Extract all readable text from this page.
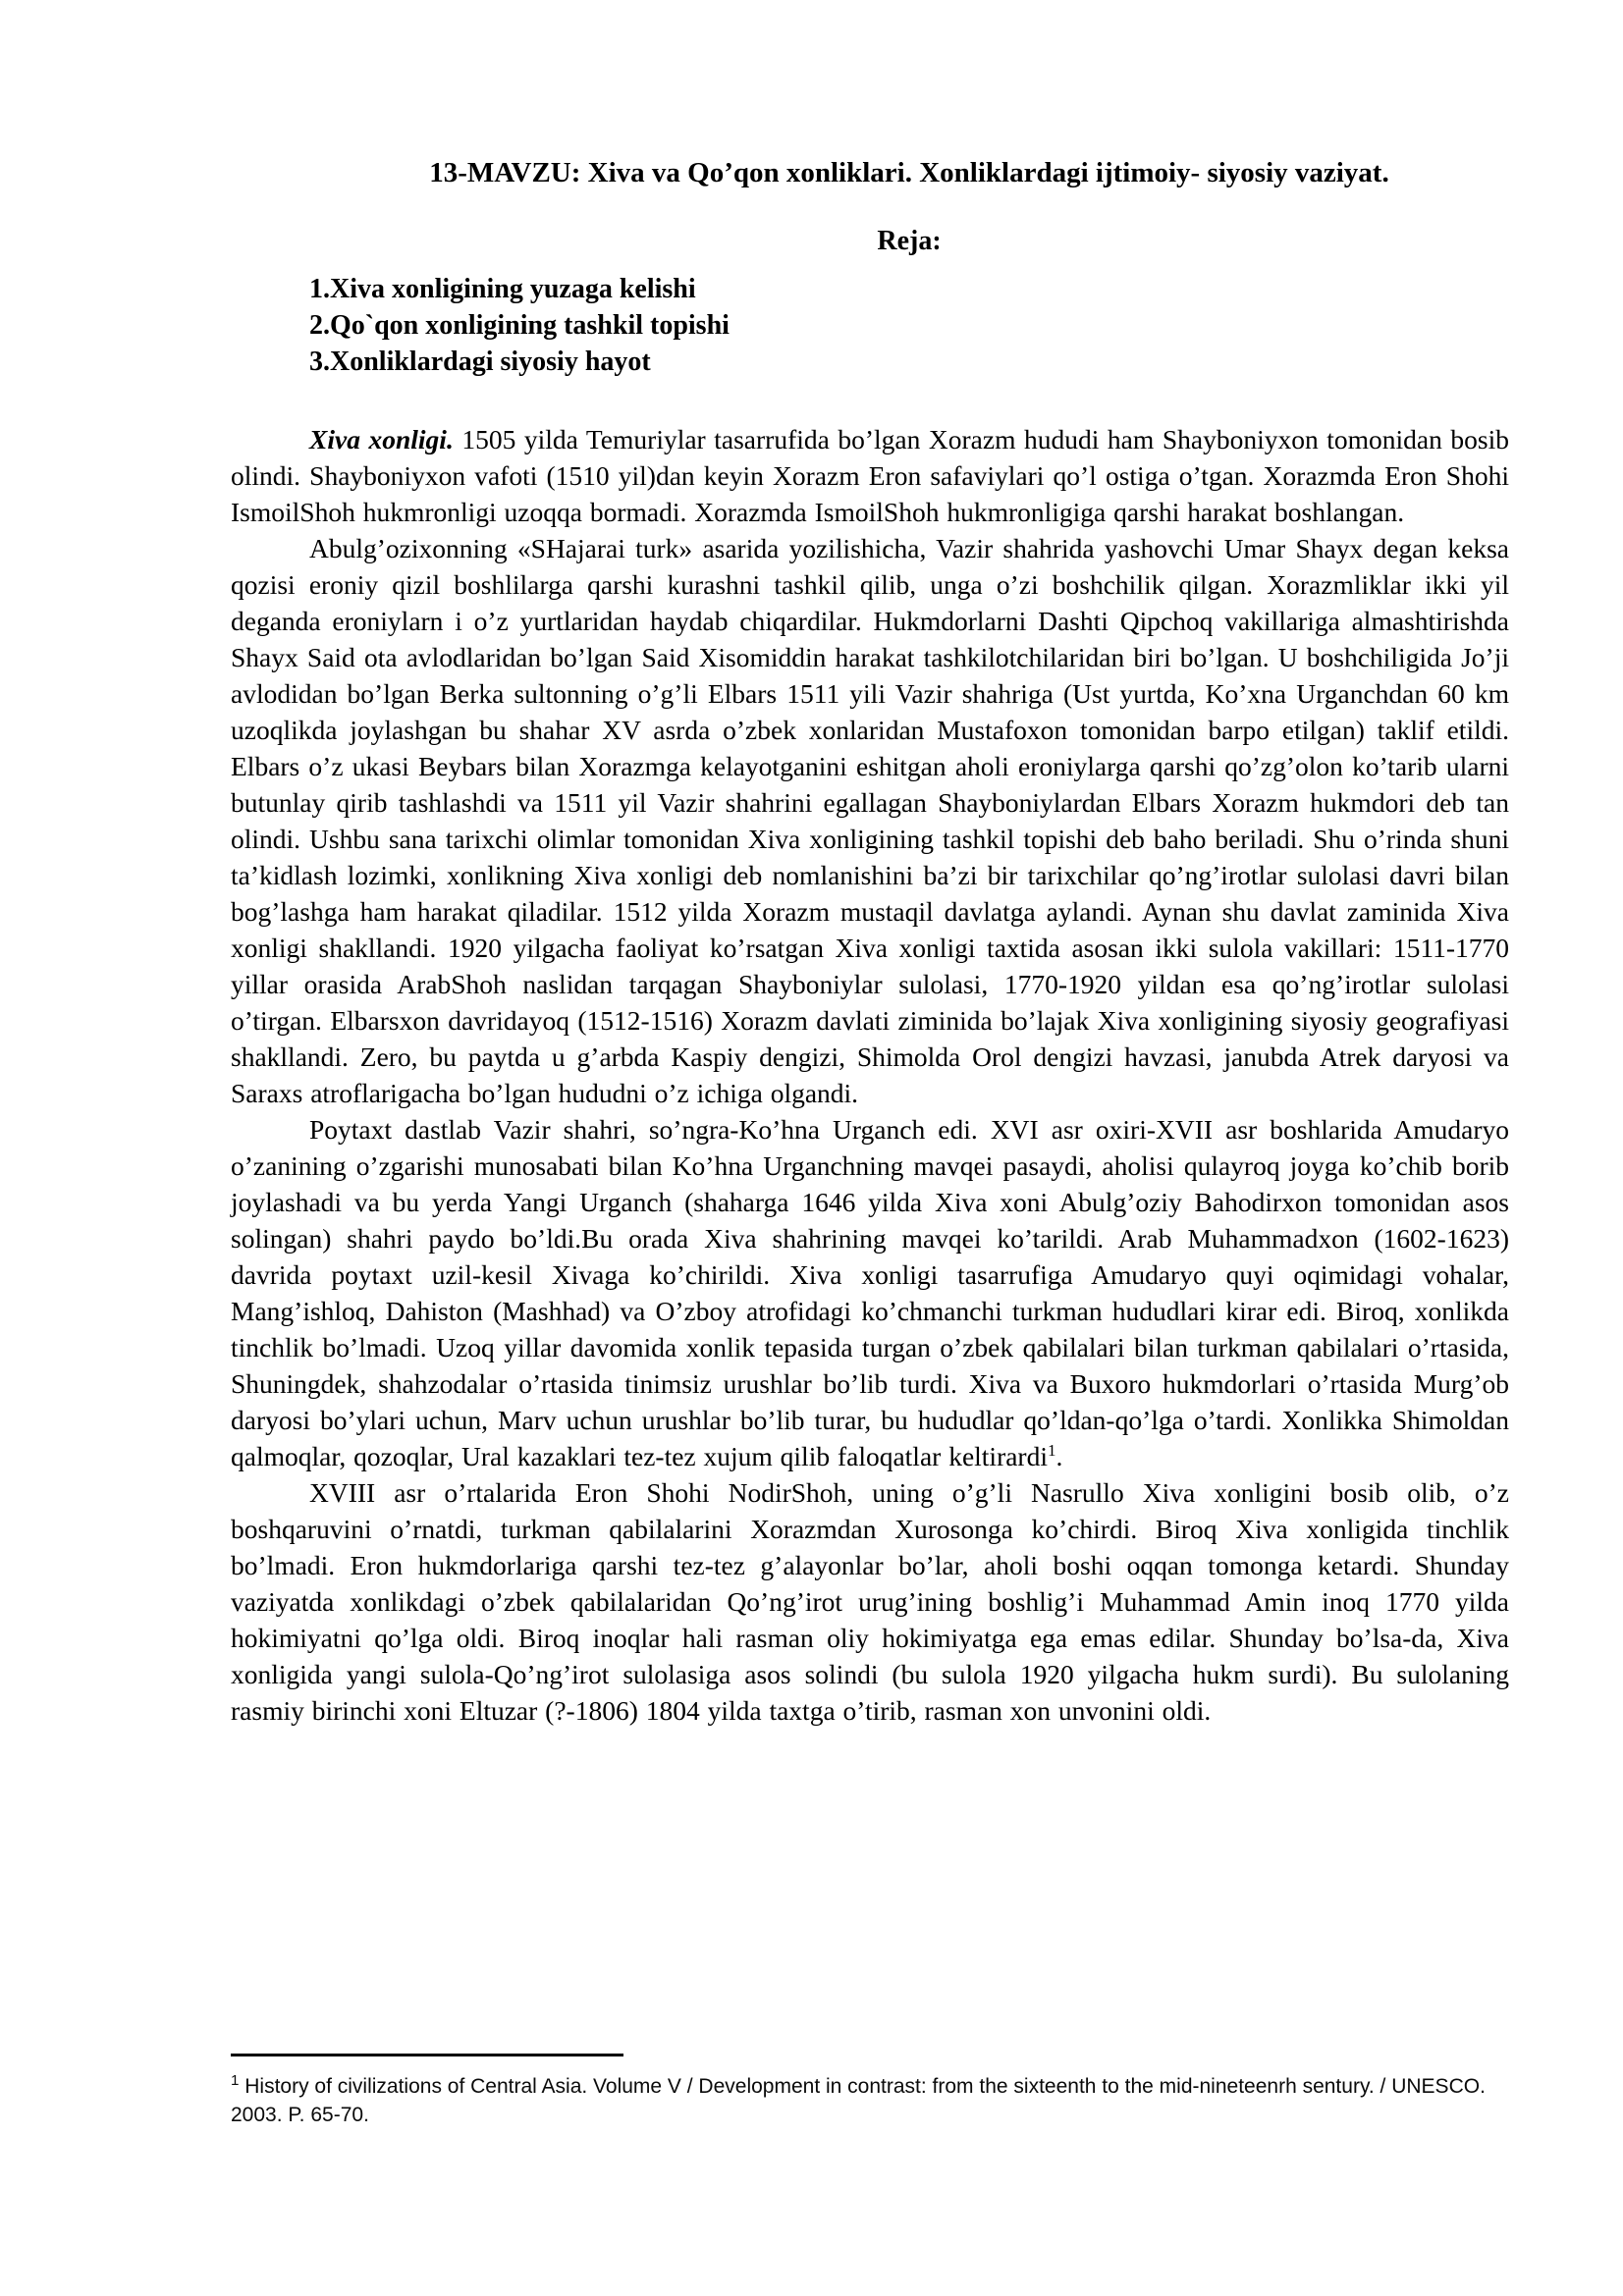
13-MAVZU: Xiva va Qo’qon xonliklari. Xonliklardagi ijtimoiy- siyosiy vaziyat.
Reja:
1.Xiva xonligining yuzaga kelishi
2.Qo`qon xonligining tashkil topishi
3.Xonliklardagi siyosiy hayot

Xiva xonligi. 1505 yilda Temuriylar tasarrufida bo’lgan Xorazm hududi ham Shayboniyxon tomonidan bosib olindi. Shayboniyxon vafoti (1510 yil)dan keyin Xorazm Eron safaviylari qo’l ostiga o’tgan. Xorazmda Eron Shohi IsmoilShoh hukmronligi uzoqqa bormadi. Xorazmda IsmoilShoh hukmronligiga qarshi harakat boshlangan.

Abulg’ozixonning «SHajarai turk» asarida yozilishicha, Vazir shahrida yashovchi Umar Shayx degan keksa qozisi eroniy qizil boshlilarga qarshi kurashni tashkil qilib, unga o’zi boshchilik qilgan. Xorazmliklar ikki yil deganda eroniylarn i o’z yurtlaridan haydab chiqardilar. Hukmdorlarni Dashti Qipchoq vakillariga almashtirishda Shayx Said ota avlodlaridan bo’lgan Said Xisomiddin harakat tashkilotchilaridan biri bo’lgan. U boshchiligida Jo’ji avlodidan bo’lgan Berka sultonning o’g’li Elbars 1511 yili Vazir shahriga (Ust yurtda, Ko’xna Urganchdan 60 km uzoqlikda joylashgan bu shahar XV asrda o’zbek xonlaridan Mustafoxon tomonidan barpo etilgan) taklif etildi. Elbars o’z ukasi Beybars bilan Xorazmga kelayotganini eshitgan aholi eroniylarga qarshi qo’zg’olon ko’tarib ularni butunlay qirib tashlashdi va 1511 yil Vazir shahrini egallagan Shayboniylardan Elbars Xorazm hukmdori deb tan olindi. Ushbu sana tarixchi olimlar tomonidan Xiva xonligining tashkil topishi deb baho beriladi. Shu o’rinda shuni ta’kidlash lozimki, xonlikning Xiva xonligi deb nomlanishini ba’zi bir tarixchilar qo’ng’irotlar sulolasi davri bilan bog’lashga ham harakat qiladilar. 1512 yilda Xorazm mustaqil davlatga aylandi. Aynan shu davlat zaminida Xiva xonligi shakllandi. 1920 yilgacha faoliyat ko’rsatgan Xiva xonligi taxtida asosan ikki sulola vakillari: 1511-1770 yillar orasida ArabShoh naslidan tarqagan Shayboniylar sulolasi, 1770-1920 yildan esa qo’ng’irotlar sulolasi o’tirgan. Elbarsxon davridayoq (1512-1516) Xorazm davlati ziminida bo’lajak Xiva xonligining siyosiy geografiyasi shakllandi. Zero, bu paytda u g’arbda Kaspiy dengizi, Shimolda Orol dengizi havzasi, janubda Atrek daryosi va Saraxs atroflarigacha bo’lgan hududni o’z ichiga olgandi.

Poytaxt dastlab Vazir shahri, so’ngra-Ko’hna Urganch edi. XVI asr oxiri-XVII asr boshlarida Amudaryo o’zanining o’zgarishi munosabati bilan Ko’hna Urganchning mavqei pasaydi, aholisi qulayroq joyga ko’chib borib joylashadi va bu yerda Yangi Urganch (shaharga 1646 yilda Xiva xoni Abulg’oziy Bahodirxon tomonidan asos solingan) shahri paydo bo’ldi.Bu orada Xiva shahrining mavqei ko’tarildi. Arab Muhammadxon (1602-1623) davrida poytaxt uzil-kesil Xivaga ko’chirildi. Xiva xonligi tasarrufiga Amudaryo quyi oqimidagi vohalar, Mang’ishloq, Dahiston (Mashhad) va O’zboy atrofidagi ko’chmanchi turkman hududlari kirar edi. Biroq, xonlikda tinchlik bo’lmadi. Uzoq yillar davomida xonlik tepasida turgan o’zbek qabilalari bilan turkman qabilalari o’rtasida, Shuningdek, shahzodalar o’rtasida tinimsiz urushlar bo’lib turdi. Xiva va Buxoro hukmdorlari o’rtasida Murg’ob daryosi bo’ylari uchun, Marv uchun urushlar bo’lib turar, bu hududlar qo’ldan-qo’lga o’tardi. Xonlikka Shimoldan qalmoqlar, qozoqlar, Ural kazaklari tez-tez xujum qilib faloqatlar keltirardi$^1$.

XVIII asr o’rtalarida Eron Shohi NodirShoh, uning o’g’li Nasrullo Xiva xonligini bosib olib, o’z boshqaruvini o’rnatdi, turkman qabilalarini Xorazmdan Xurosonga ko’chirdi. Biroq Xiva xonligida tinchlik bo’lmadi. Eron hukmdorlariga qarshi tez-tez g’alayonlar bo’lar, aholi boshi oqqan tomonga ketardi. Shunday vaziyatda xonlikdagi o’zbek qabilalaridan Qo’ng’irot urug’ining boshlig’i Muhammad Amin inoq 1770 yilda hokimiyatni qo’lga oldi. Biroq inoqlar hali rasman oliy hokimiyatga ega emas edilar. Shunday bo’lsa-da, Xiva xonligida yangi sulola-Qo’ng’irot sulolasiga asos solindi (bu sulola 1920 yilgacha hukm surdi). Bu sulolaning rasmiy birinchi xoni Eltuzar (?-1806) 1804 yilda taxtga o’tirib, rasman xon unvonini oldi.

$^1$ History of civilizations of Central Asia. Volume V / Development in contrast: from the sixteenth to the mid-nineteenrh sentury. / UNESCO. 2003. P. 65-70.
